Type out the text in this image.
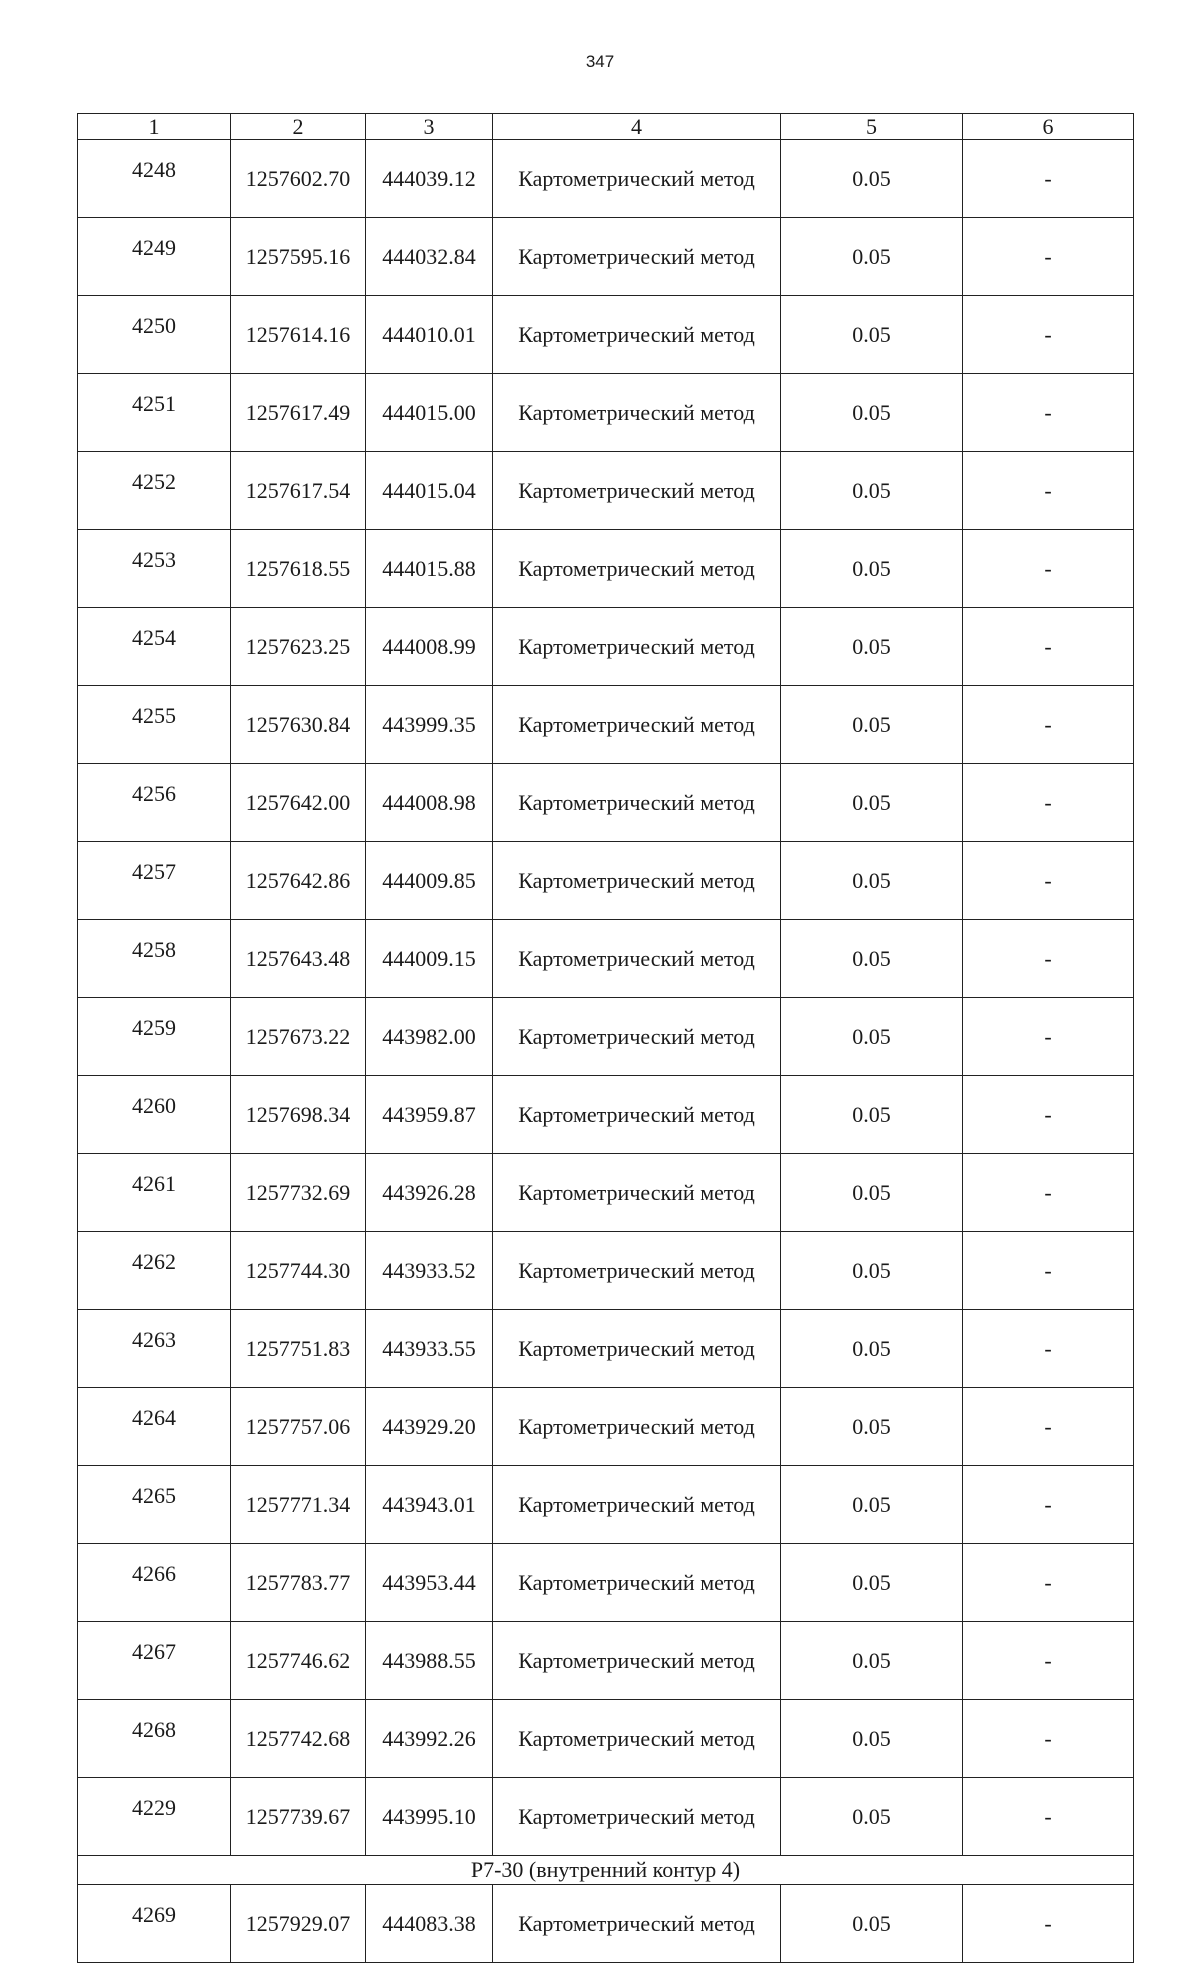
347
1	2	3	4	5	6
4248	1257602.70	444039.12	Картометрический метод	0.05	-
4249	1257595.16	444032.84	Картометрический метод	0.05	-
4250	1257614.16	444010.01	Картометрический метод	0.05	-
4251	1257617.49	444015.00	Картометрический метод	0.05	-
4252	1257617.54	444015.04	Картометрический метод	0.05	-
4253	1257618.55	444015.88	Картометрический метод	0.05	-
4254	1257623.25	444008.99	Картометрический метод	0.05	-
4255	1257630.84	443999.35	Картометрический метод	0.05	-
4256	1257642.00	444008.98	Картометрический метод	0.05	-
4257	1257642.86	444009.85	Картометрический метод	0.05	-
4258	1257643.48	444009.15	Картометрический метод	0.05	-
4259	1257673.22	443982.00	Картометрический метод	0.05	-
4260	1257698.34	443959.87	Картометрический метод	0.05	-
4261	1257732.69	443926.28	Картометрический метод	0.05	-
4262	1257744.30	443933.52	Картометрический метод	0.05	-
4263	1257751.83	443933.55	Картометрический метод	0.05	-
4264	1257757.06	443929.20	Картометрический метод	0.05	-
4265	1257771.34	443943.01	Картометрический метод	0.05	-
4266	1257783.77	443953.44	Картометрический метод	0.05	-
4267	1257746.62	443988.55	Картометрический метод	0.05	-
4268	1257742.68	443992.26	Картометрический метод	0.05	-
4229	1257739.67	443995.10	Картометрический метод	0.05	-
Р7-30 (внутренний контур 4)					
4269	1257929.07	444083.38	Картометрический метод	0.05	-
